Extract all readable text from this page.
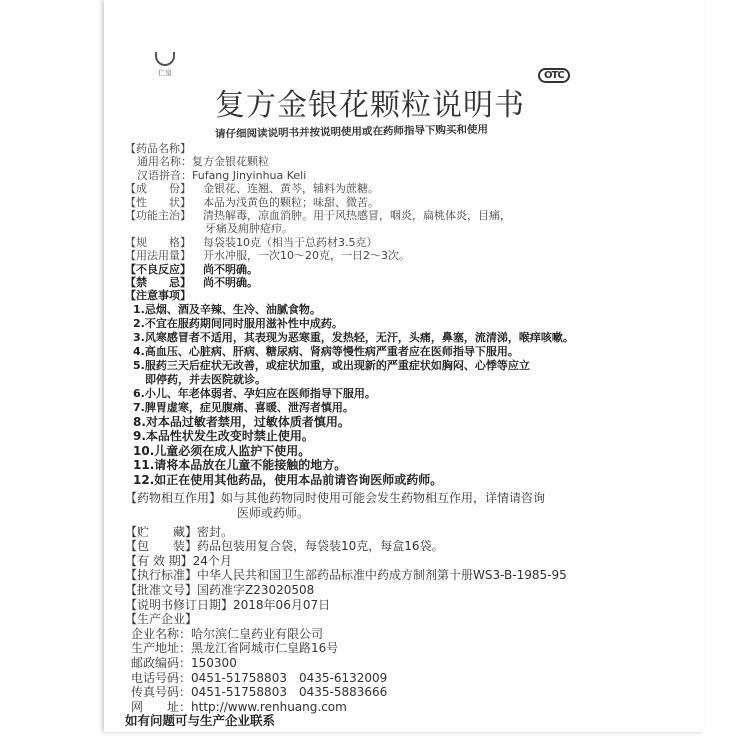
仁皇	OTC
复方金银花颗粒说明书
请仔细阅读说明书并按说明使用或在药师指导下购买和使用
【药品名称】
通用名称：复方金银花颗粒
汉语拼音：Fufang Jinyinhua Keli
【成　　份】 金银花、连翘、黄芩，辅料为蔗糖。
【性　　状】 本品为浅黄色的颗粒；味甜、微苦。
【功能主治】 清热解毒，凉血消肿。用于风热感冒，咽炎，扁桃体炎，目痛，
牙痛及痈肿疮疖。
【规　　格】 每袋装10克（相当于总药材3.5克）
【用法用量】 开水冲服，一次10～20克，一日2～3次。
【不良反应】 尚不明确。
【禁　　忌】 尚不明确。
【注意事项】
1.忌烟、酒及辛辣、生冷、油腻食物。
2.不宜在服药期间同时服用滋补性中成药。
3.风寒感冒者不适用，其表现为恶寒重，发热轻，无汗，头痛，鼻塞，流清涕，喉痒咳嗽。
4.高血压、心脏病、肝病、糖尿病、肾病等慢性病严重者应在医师指导下服用。
5.服药三天后症状无改善，或症状加重，或出现新的严重症状如胸闷、心悸等应立
即停药，并去医院就诊。
6.小儿、年老体弱者、孕妇应在医师指导下服用。
7.脾胃虚寒，症见腹痛、喜暖、泄泻者慎用。
8.对本品过敏者禁用，过敏体质者慎用。
9.本品性状发生改变时禁止使用。
10.儿童必须在成人监护下使用。
11.请将本品放在儿童不能接触的地方。
12.如正在使用其他药品，使用本品前请咨询医师或药师。
【药物相互作用】如与其他药物同时使用可能会发生药物相互作用，详情请咨询
医师或药师。
【贮　　藏】密封。
【包　　装】药品包装用复合袋，每袋装10克，每盒16袋。
【有 效 期】24个月
【执行标准】中华人民共和国卫生部药品标准中药成方制剂第十册WS3-B-1985-95
【批准文号】国药准字Z23020508
【说明书修订日期】2018年06月07日
【生产企业】
企业名称：哈尔滨仁皇药业有限公司
生产地址：黑龙江省阿城市仁皇路16号
邮政编码：150300
电话号码：0451-51758803　0435-6132009
传真号码：0451-51758803　0435-5883666
网　　址：http://www.renhuang.com
如有问题可与生产企业联系
